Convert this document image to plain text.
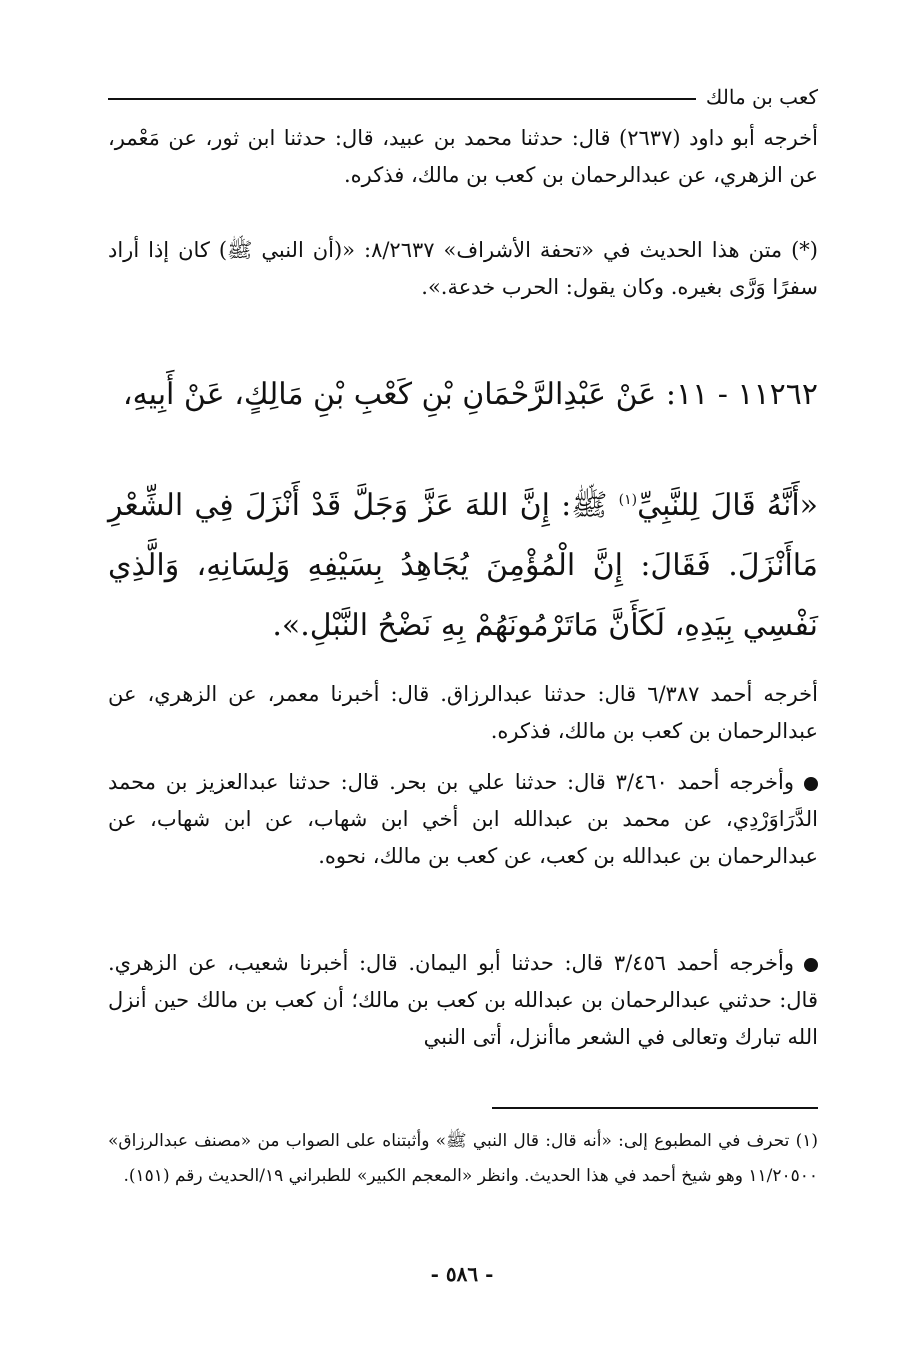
كعب بن مالك
أخرجه أبو داود (٢٦٣٧) قال: حدثنا محمد بن عبيد، قال: حدثنا ابن ثور، عن مَعْمر، عن الزهري، عن عبدالرحمان بن كعب بن مالك، فذكره.
(*) متن هذا الحديث في «تحفة الأشراف» ٨/٢٦٣٧: «(أن النبي ﷺ) كان إذا أراد سفرًا وَرَّى بغيره. وكان يقول: الحرب خدعة.».
١١٢٦٢ - ١١: عَنْ عَبْدِالرَّحْمَانِ بْنِ كَعْبِ بْنِ مَالِكٍ، عَنْ أَبِيهِ،
«أَنَّهُ قَالَ لِلنَّبِيِّ$^{(١)}$ ﷺ: إِنَّ اللهَ عَزَّ وَجَلَّ قَدْ أَنْزَلَ فِي الشِّعْرِ مَاأَنْزَلَ. فَقَالَ: إِنَّ الْمُؤْمِنَ يُجَاهِدُ بِسَيْفِهِ وَلِسَانِهِ، وَالَّذِي نَفْسِي بِيَدِهِ، لَكَأَنَّ مَاتَرْمُونَهُمْ بِهِ نَضْحُ النَّبْلِ.».
أخرجه أحمد ٦/٣٨٧ قال: حدثنا عبدالرزاق. قال: أخبرنا معمر، عن الزهري، عن عبدالرحمان بن كعب بن مالك، فذكره.
وأخرجه أحمد ٣/٤٦٠ قال: حدثنا علي بن بحر. قال: حدثنا عبدالعزيز بن محمد الدَّرَاوَرْدِي، عن محمد بن عبدالله ابن أخي ابن شهاب، عن ابن شهاب، عن عبدالرحمان بن عبدالله بن كعب، عن كعب بن مالك، نحوه.
وأخرجه أحمد ٣/٤٥٦ قال: حدثنا أبو اليمان. قال: أخبرنا شعيب، عن الزهري. قال: حدثني عبدالرحمان بن عبدالله بن كعب بن مالك؛ أن كعب بن مالك حين أنزل الله تبارك وتعالى في الشعر ماأنزل، أتى النبي
(١) تحرف في المطبوع إلى: «أنه قال: قال النبي ﷺ» وأثبتناه على الصواب من «مصنف عبدالرزاق» ١١/٢٠٥٠٠ وهو شيخ أحمد في هذا الحديث. وانظر «المعجم الكبير» للطبراني ١٩/الحديث رقم (١٥١).
- ٥٨٦ -
